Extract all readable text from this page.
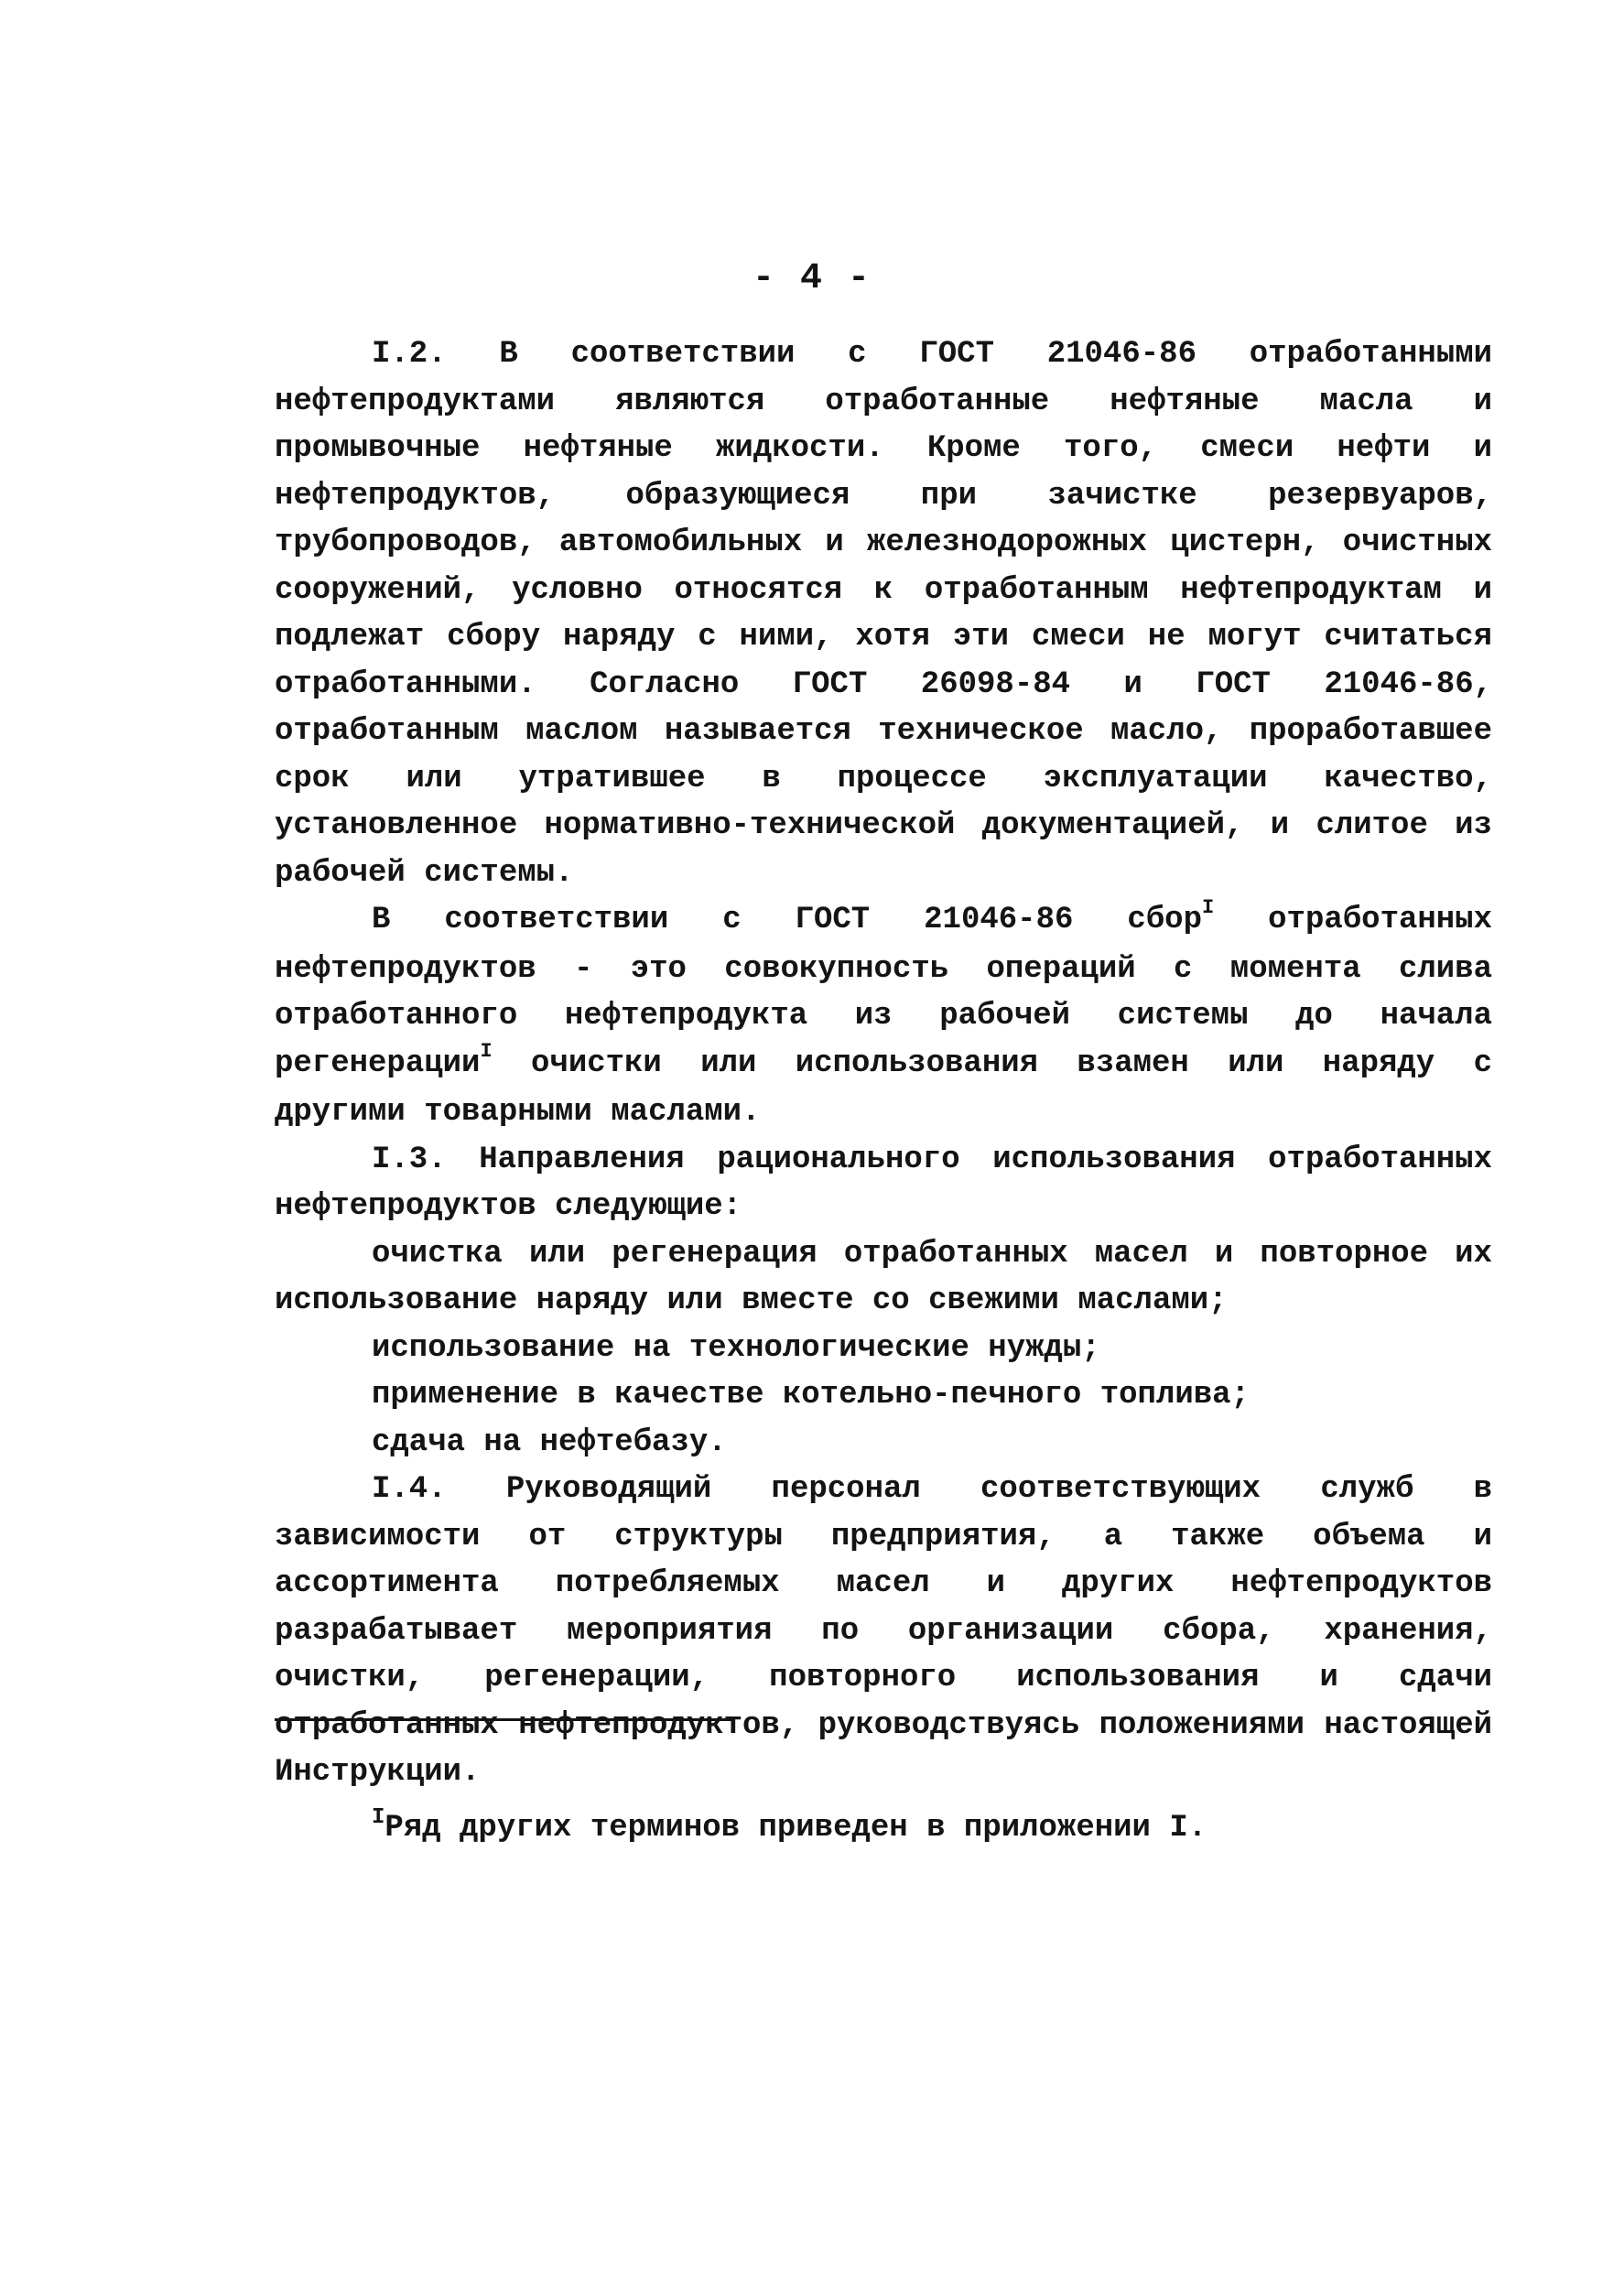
- 4 -

I.2. В соответствии с ГОСТ 21046-86 отработанными нефтепродуктами являются отработанные нефтяные масла и промывочные нефтяные жидкости. Кроме того, смеси нефти и нефтепродуктов, образующиеся при зачистке резервуаров, трубопроводов, автомобильных и железнодорожных цистерн, очистных сооружений, условно относятся к отработанным нефтепродуктам и подлежат сбору наряду с ними, хотя эти смеси не могут считаться отработанными. Согласно ГОСТ 26098-84 и ГОСТ 21046-86, отработанным маслом называется техническое масло, проработавшее срок или утратившее в процессе эксплуатации качество, установленное нормативно-технической документацией, и слитое из рабочей системы.

В соответствии с ГОСТ 21046-86 сбор$^I$ отработанных нефтепродуктов - это совокупность операций с момента слива отработанного нефтепродукта из рабочей системы до начала регенерации$^I$ очистки или использования взамен или наряду с другими товарными маслами.

I.3. Направления рационального использования отработанных нефтепродуктов следующие:

очистка или регенерация отработанных масел и повторное их использование наряду или вместе со свежими маслами;

использование на технологические нужды;

применение в качестве котельно-печного топлива;

сдача на нефтебазу.

I.4. Руководящий персонал соответствующих служб в зависимости от структуры предприятия, а также объема и ассортимента потребляемых масел и других нефтепродуктов разрабатывает мероприятия по организации сбора, хранения, очистки, регенерации, повторного использования и сдачи отработанных нефтепродуктов, руководствуясь положениями настоящей Инструкции.

$^I$Ряд других терминов приведен в приложении I.
